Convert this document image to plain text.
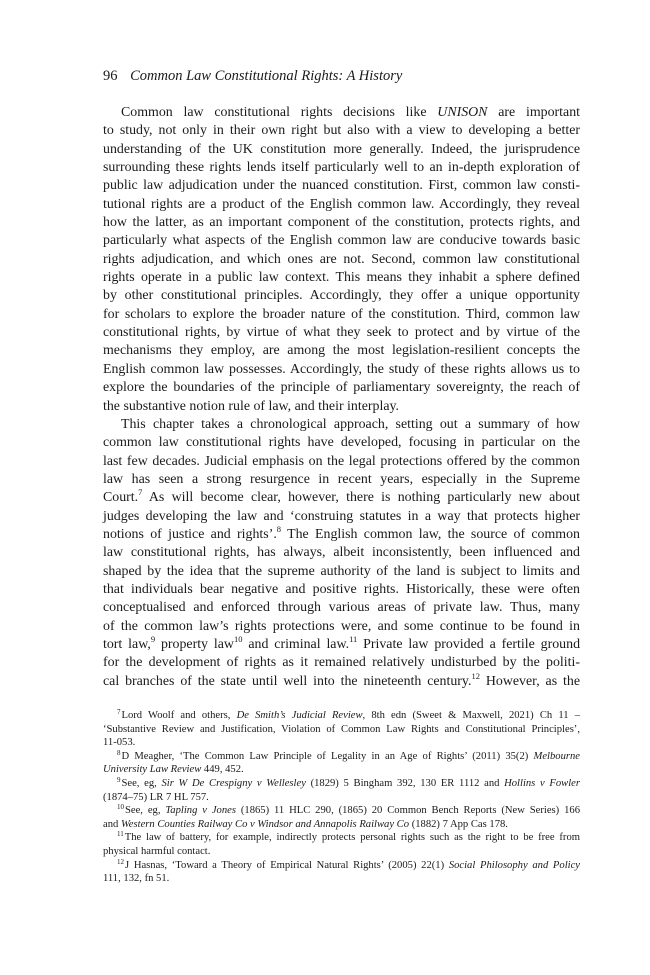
96 Common Law Constitutional Rights: A History
Common law constitutional rights decisions like UNISON are important
to study, not only in their own right but also with a view to developing a better
understanding of the UK constitution more generally. Indeed, the jurisprudence
surrounding these rights lends itself particularly well to an in-depth exploration of
public law adjudication under the nuanced constitution. First, common law consti-
tutional rights are a product of the English common law. Accordingly, they reveal
how the latter, as an important component of the constitution, protects rights, and
particularly what aspects of the English common law are conducive towards basic
rights adjudication, and which ones are not. Second, common law constitutional
rights operate in a public law context. This means they inhabit a sphere defined
by other constitutional principles. Accordingly, they offer a unique opportunity
for scholars to explore the broader nature of the constitution. Third, common law
constitutional rights, by virtue of what they seek to protect and by virtue of the
mechanisms they employ, are among the most legislation-resilient concepts the
English common law possesses. Accordingly, the study of these rights allows us to
explore the boundaries of the principle of parliamentary sovereignty, the reach of
the substantive notion rule of law, and their interplay.
This chapter takes a chronological approach, setting out a summary of how
common law constitutional rights have developed, focusing in particular on the
last few decades. Judicial emphasis on the legal protections offered by the common
law has seen a strong resurgence in recent years, especially in the Supreme
Court.$^7$ As will become clear, however, there is nothing particularly new about
judges developing the law and ‘construing statutes in a way that protects higher
notions of justice and rights’.$^8$ The English common law, the source of common
law constitutional rights, has always, albeit inconsistently, been influenced and
shaped by the idea that the supreme authority of the land is subject to limits and
that individuals bear negative and positive rights. Historically, these were often
conceptualised and enforced through various areas of private law. Thus, many
of the common law’s rights protections were, and some continue to be found in
tort law,$^9$ property law$^{10}$ and criminal law.$^{11}$ Private law provided a fertile ground
for the development of rights as it remained relatively undisturbed by the politi-
cal branches of the state until well into the nineteenth century.$^{12}$ However, as the
$^7$Lord Woolf and others, De Smith’s Judicial Review, 8th edn (Sweet & Maxwell, 2021) Ch 11 –
‘Substantive Review and Justification, Violation of Common Law Rights and Constitutional Principles’,
11-053.
$^8$D Meagher, ‘The Common Law Principle of Legality in an Age of Rights’ (2011) 35(2) Melbourne
University Law Review 449, 452.
$^9$See, eg, Sir W De Crespigny v Wellesley (1829) 5 Bingham 392, 130 ER 1112 and Hollins v Fowler
(1874–75) LR 7 HL 757.
$^{10}$See, eg, Tapling v Jones (1865) 11 HLC 290, (1865) 20 Common Bench Reports (New Series) 166
and Western Counties Railway Co v Windsor and Annapolis Railway Co (1882) 7 App Cas 178.
$^{11}$The law of battery, for example, indirectly protects personal rights such as the right to be free from
physical harmful contact.
$^{12}$J Hasnas, ‘Toward a Theory of Empirical Natural Rights’ (2005) 22(1) Social Philosophy and Policy
111, 132, fn 51.
